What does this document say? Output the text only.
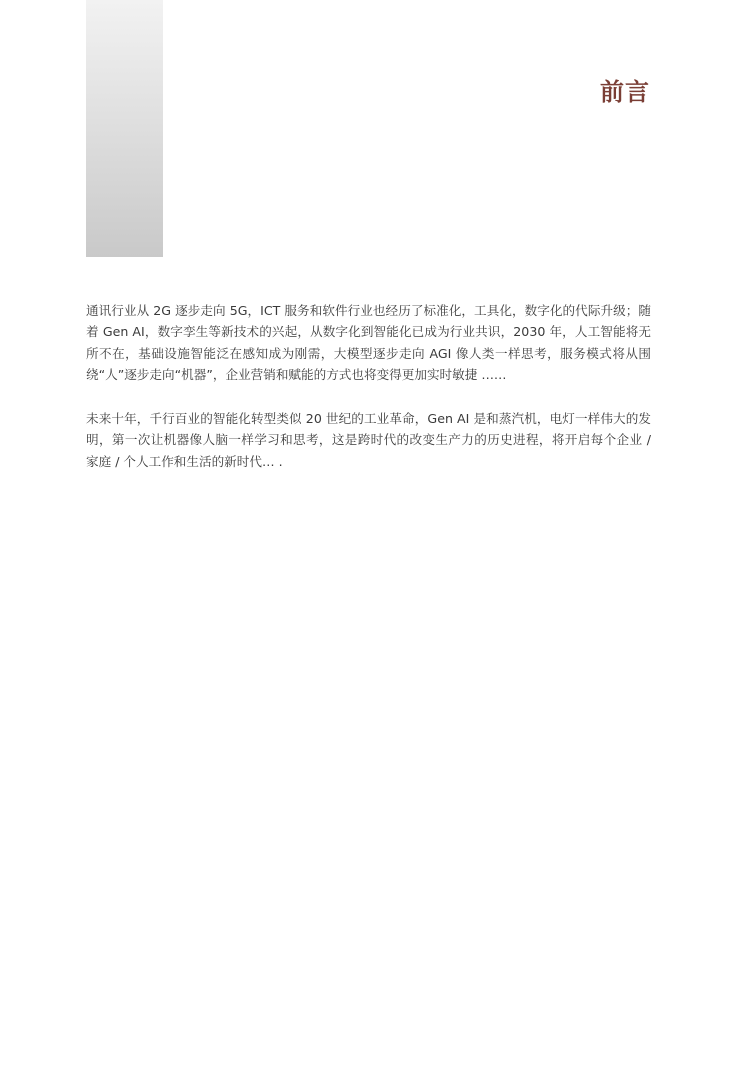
前言

通讯行业从 2G 逐步走向 5G，ICT 服务和软件行业也经历了标准化，工具化，数字化的代际升级；随着 Gen AI，数字孪生等新技术的兴起，从数字化到智能化已成为行业共识，2030 年，人工智能将无所不在，基础设施智能泛在感知成为刚需，大模型逐步走向 AGI 像人类一样思考，服务模式将从围绕“人”逐步走向“机器”，企业营销和赋能的方式也将变得更加实时敏捷 ……

未来十年，千行百业的智能化转型类似 20 世纪的工业革命，Gen AI 是和蒸汽机，电灯一样伟大的发明，第一次让机器像人脑一样学习和思考，这是跨时代的改变生产力的历史进程，将开启每个企业 / 家庭 / 个人工作和生活的新时代… .
